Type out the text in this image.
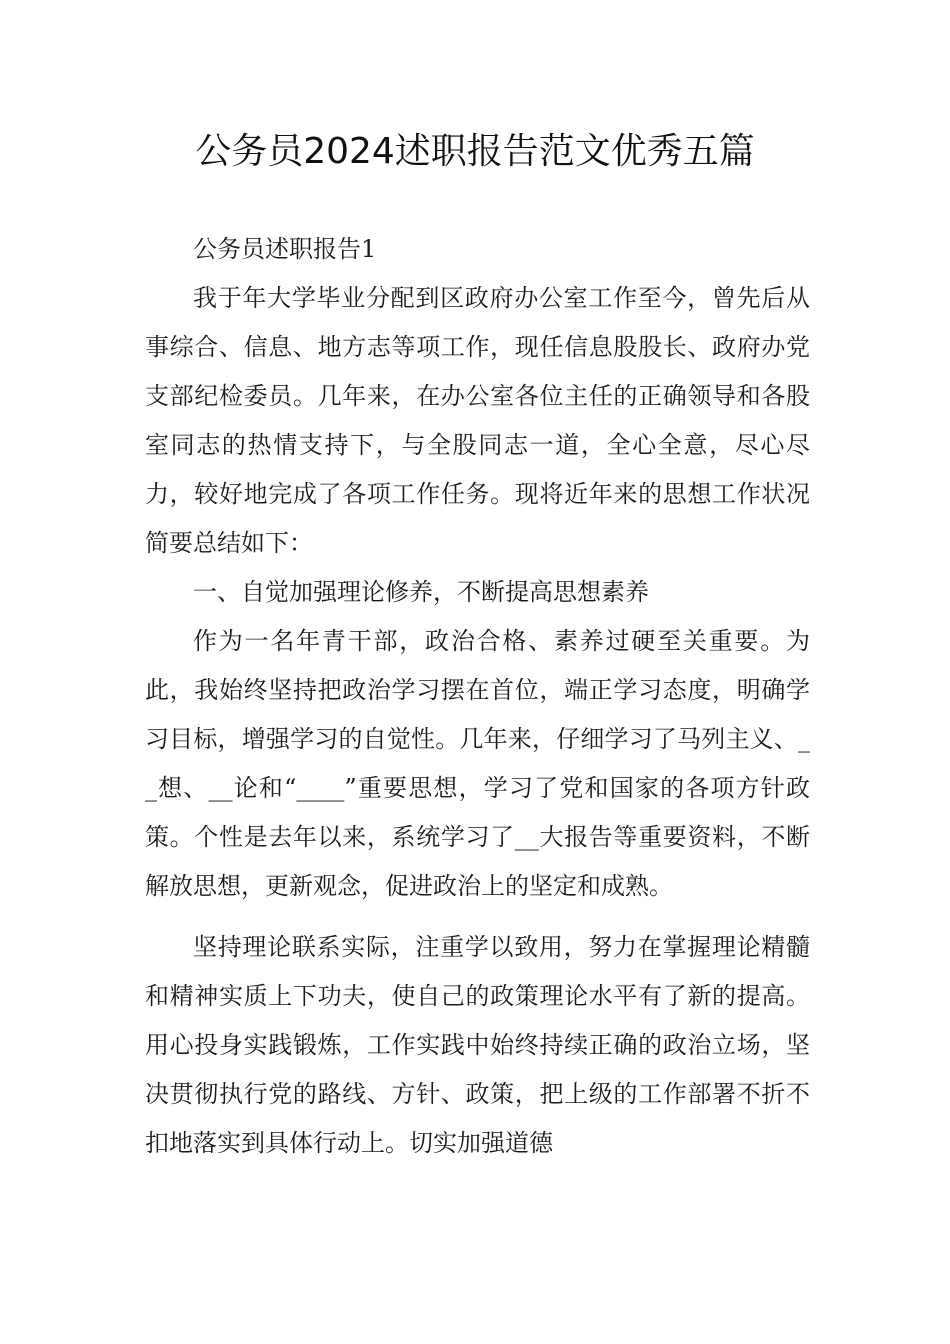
公务员2024述职报告范文优秀五篇

公务员述职报告1

我于年大学毕业分配到区政府办公室工作至今，曾先后从事综合、信息、地方志等项工作，现任信息股股长、政府办党支部纪检委员。几年来，在办公室各位主任的正确领导和各股室同志的热情支持下，与全股同志一道，全心全意，尽心尽力，较好地完成了各项工作任务。现将近年来的思想工作状况简要总结如下：

一、自觉加强理论修养，不断提高思想素养

作为一名年青干部，政治合格、素养过硬至关重要。为此，我始终坚持把政治学习摆在首位，端正学习态度，明确学习目标，增强学习的自觉性。几年来，仔细学习了马列主义、__想、__论和“____”重要思想，学习了党和国家的各项方针政策。个性是去年以来，系统学习了__大报告等重要资料，不断解放思想，更新观念，促进政治上的坚定和成熟。

坚持理论联系实际，注重学以致用，努力在掌握理论精髓和精神实质上下功夫，使自己的政策理论水平有了新的提高。用心投身实践锻炼，工作实践中始终持续正确的政治立场，坚决贯彻执行党的路线、方针、政策，把上级的工作部署不折不扣地落实到具体行动上。切实加强道德
